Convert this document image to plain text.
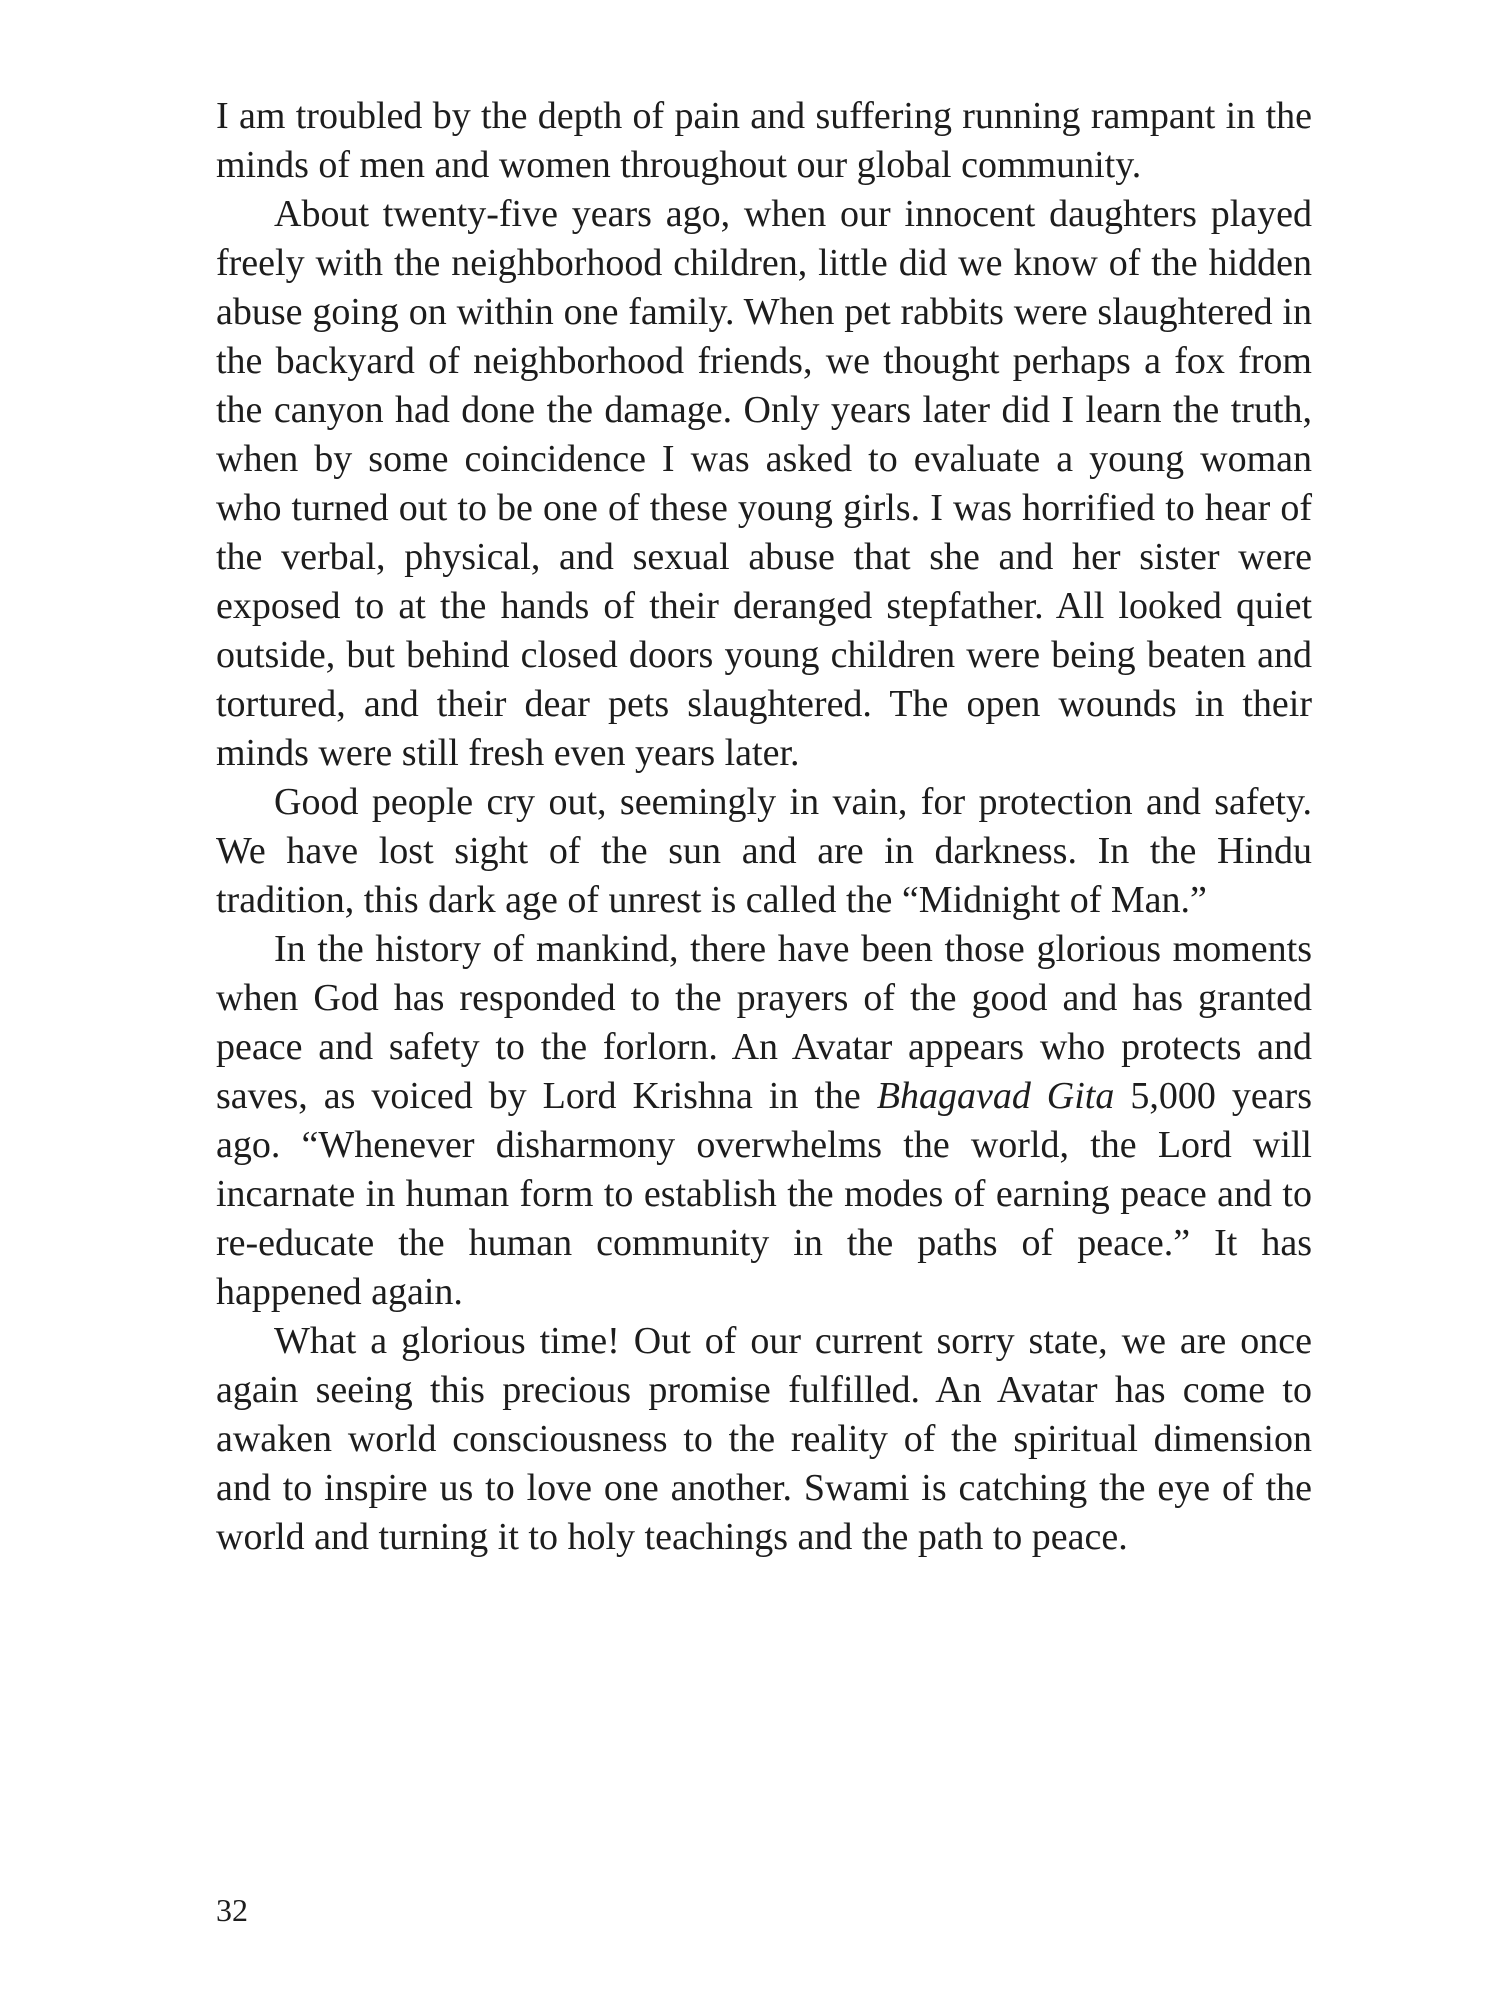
I am troubled by the depth of pain and suffering running rampant in the minds of men and women throughout our global community.

About twenty-five years ago, when our innocent daughters played freely with the neighborhood children, little did we know of the hidden abuse going on within one family. When pet rabbits were slaughtered in the backyard of neighborhood friends, we thought perhaps a fox from the canyon had done the damage. Only years later did I learn the truth, when by some coincidence I was asked to evaluate a young woman who turned out to be one of these young girls. I was horrified to hear of the verbal, physical, and sexual abuse that she and her sister were exposed to at the hands of their deranged stepfather. All looked quiet outside, but behind closed doors young children were being beaten and tortured, and their dear pets slaughtered. The open wounds in their minds were still fresh even years later.

Good people cry out, seemingly in vain, for protection and safety. We have lost sight of the sun and are in darkness. In the Hindu tradition, this dark age of unrest is called the “Midnight of Man.”

In the history of mankind, there have been those glorious moments when God has responded to the prayers of the good and has granted peace and safety to the forlorn. An Avatar appears who protects and saves, as voiced by Lord Krishna in the Bhagavad Gita 5,000 years ago. “Whenever disharmony overwhelms the world, the Lord will incarnate in human form to establish the modes of earning peace and to re-educate the human community in the paths of peace.” It has happened again.

What a glorious time! Out of our current sorry state, we are once again seeing this precious promise fulfilled. An Avatar has come to awaken world consciousness to the reality of the spiritual dimension and to inspire us to love one another. Swami is catching the eye of the world and turning it to holy teachings and the path to peace.

32
